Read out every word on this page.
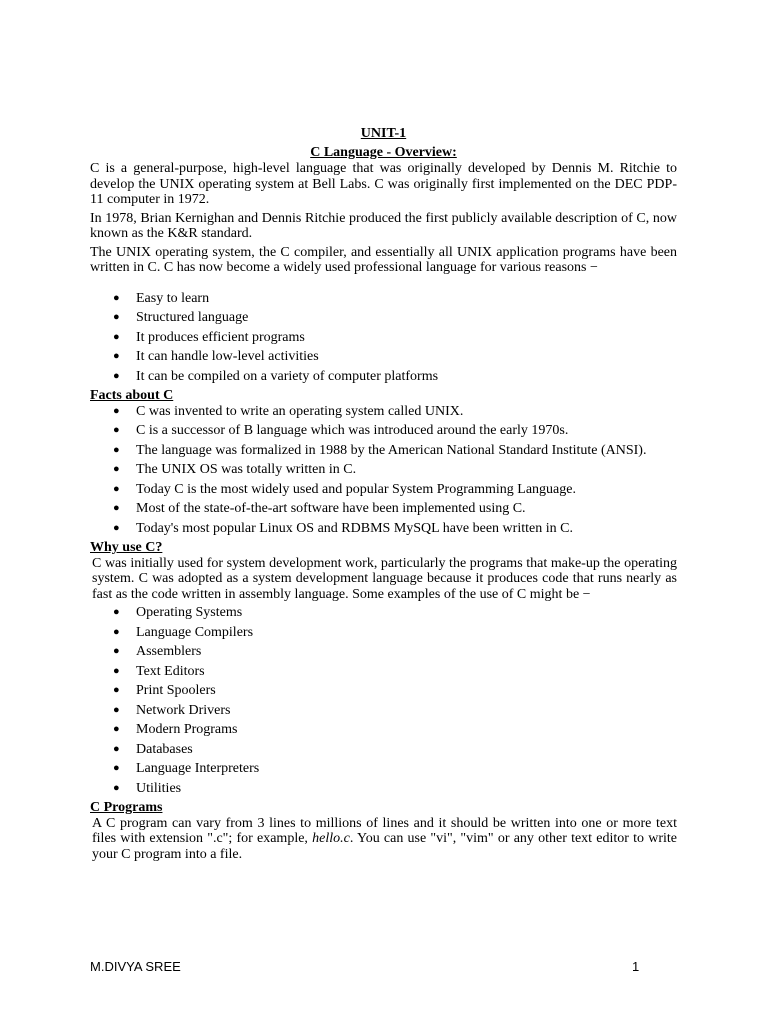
UNIT-1
C Language - Overview:

C is a general-purpose, high-level language that was originally developed by Dennis M. Ritchie to develop the UNIX operating system at Bell Labs. C was originally first implemented on the DEC PDP-11 computer in 1972.

In 1978, Brian Kernighan and Dennis Ritchie produced the first publicly available description of C, now known as the K&R standard.

The UNIX operating system, the C compiler, and essentially all UNIX application programs have been written in C. C has now become a widely used professional language for various reasons −

● Easy to learn
● Structured language
● It produces efficient programs
● It can handle low-level activities
● It can be compiled on a variety of computer platforms
Facts about C
● C was invented to write an operating system called UNIX.
● C is a successor of B language which was introduced around the early 1970s.
● The language was formalized in 1988 by the American National Standard Institute (ANSI).
● The UNIX OS was totally written in C.
● Today C is the most widely used and popular System Programming Language.
● Most of the state-of-the-art software have been implemented using C.
● Today's most popular Linux OS and RDBMS MySQL have been written in C.
Why use C?

C was initially used for system development work, particularly the programs that make-up the operating system. C was adopted as a system development language because it produces code that runs nearly as fast as the code written in assembly language. Some examples of the use of C might be −

● Operating Systems
● Language Compilers
● Assemblers
● Text Editors
● Print Spoolers
● Network Drivers
● Modern Programs
● Databases
● Language Interpreters
● Utilities
C Programs

A C program can vary from 3 lines to millions of lines and it should be written into one or more text files with extension ".c"; for example, hello.c. You can use "vi", "vim" or any other text editor to write your C program into a file.

M.DIVYA SREE	1
